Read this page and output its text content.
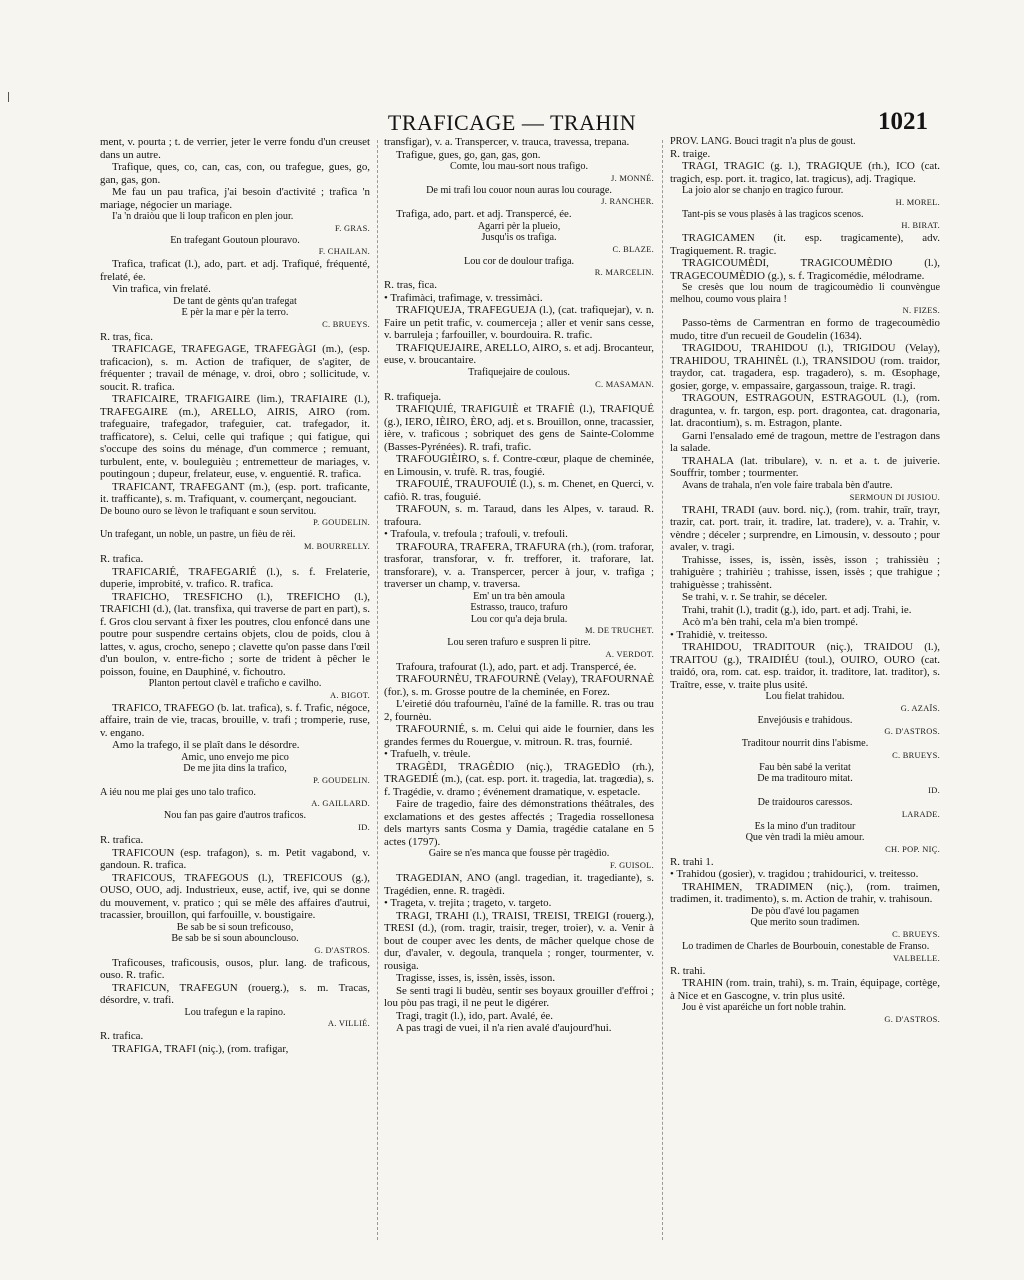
TRAFICAGE — TRAHIN	1021

ment, v. pourta ; t. de verrier, jeter le verre fondu d'un creuset dans un autre.

Trafique, ques, co, can, cas, con, ou trafegue, gues, go, gan, gas, gon.

Me fau un pau trafica, j'ai besoin d'activité ; trafica 'n mariage, négocier un mariage.

I'a 'n draiòu que li loup traficon en plen jour.

F. GRAS.

En trafegant Goutoun plouravo.

F. CHAILAN.

Trafica, traficat (l.), ado, part. et adj. Trafiqué, fréquenté, frelaté, ée.

Vin trafica, vin frelaté.

De tant de gènts qu'an trafegat

E pèr la mar e pèr la terro.

C. BRUEYS.

R. tras, fica.

TRAFICAGE, TRAFEGAGE, TRAFEGÀGI (m.), (esp. traficacion), s. m. Action de trafiquer, de s'agiter, de fréquenter ; travail de ménage, v. droi, obro ; sollicitude, v. soucit. R. trafica.

TRAFICAIRE, TRAFIGAIRE (lim.), TRAFIAIRE (l.), TRAFEGAIRE (m.), ARELLO, AIRIS, AIRO (rom. trafeguaire, trafegador, trafeguier, cat. trafegador, it. trafficatore), s. Celui, celle qui trafique ; qui fatigue, qui s'occupe des soins du ménage, d'un commerce ; remuant, turbulent, ente, v. bouleguièu ; entremetteur de mariages, v. poutingoun ; dupeur, frelateur, euse, v. enguentié. R. trafica.

TRAFICANT, TRAFEGANT (m.), (esp. port. traficante, it. trafficante), s. m. Trafiquant, v. coumerçant, negouciant.

De bouno ouro se lèvon le trafiquant e soun servitou.

P. GOUDELIN.

Un trafegant, un noble, un pastre, un fièu de rèi.

M. BOURRELLY.

R. trafica.

TRAFICARIÉ, TRAFEGARIÉ (l.), s. f. Frelaterie, duperie, improbité, v. trafico. R. trafica.

TRAFICHO, TRESFICHO (l.), TREFICHO (l.), TRAFICHI (d.), (lat. transfixa, qui traverse de part en part), s. f. Gros clou servant à fixer les poutres, clou enfoncé dans une poutre pour suspendre certains objets, clou de poids, clou à lattes, v. agus, crocho, senepo ; clavette qu'on passe dans l'œil d'un boulon, v. entre-ficho ; sorte de trident à pêcher le poisson, fouine, en Dauphiné, v. fichoutro.

Planton pertout clavèl e traficho e cavilho.

A. BIGOT.

TRAFICO, TRAFEGO (b. lat. trafica), s. f. Trafic, négoce, affaire, train de vie, tracas, brouille, v. trafi ; tromperie, ruse, v. engano.

Amo la trafego, il se plaît dans le désordre.

Amic, uno envejo me pico

De me jita dins la trafico,

P. GOUDELIN.

A iéu nou me plai ges uno talo trafico.

A. GAILLARD.

Nou fan pas gaire d'autros traficos.

ID.

R. trafica.

TRAFICOUN (esp. trafagon), s. m. Petit vagabond, v. gandoun. R. trafica.

TRAFICOUS, TRAFEGOUS (l.), TREFICOUS (g.), OUSO, OUO, adj. Industrieux, euse, actif, ive, qui se donne du mouvement, v. pratico ; qui se mêle des affaires d'autrui, tracassier, brouillon, qui farfouille, v. boustigaire.

Be sab be si soun treficouso,

Be sab be si soun abounclouso.

G. D'ASTROS.

Traficouses, traficousis, ousos, plur. lang. de traficous, ouso. R. trafic.

TRAFICUN, TRAFEGUN (rouerg.), s. m. Tracas, désordre, v. trafi.

Lou trafegun e la rapino.

A. VILLIÉ.

R. trafica.

TRAFIGA, TRAFI (niç.), (rom. trafigar,

transfigar), v. a. Transpercer, v. trauca, travessa, trepana.

Trafigue, gues, go, gan, gas, gon.

Comte, lou mau-sort nous trafigo.

J. MONNÉ.

De mi trafi lou couor noun auras lou courage.

J. RANCHER.

Trafiga, ado, part. et adj. Transpercé, ée.

Agarri pèr la plueio,

Jusqu'is os trafiga.

C. BLAZE.

Lou cor de doulour trafiga.

R. MARCELIN.

R. tras, fica.

• Trafimàci, trafimage, v. tressimàci.

TRAFIQUEJA, TRAFEGUEJA (l.), (cat. trafiquejar), v. n. Faire un petit trafic, v. coumerceja ; aller et venir sans cesse, v. barruleja ; farfouiller, v. bourdouira. R. trafic.

TRAFIQUEJAIRE, ARELLO, AIRO, s. et adj. Brocanteur, euse, v. broucantaire.

Trafiquejaire de coulous.

C. MASAMAN.

R. trafiqueja.

TRAFIQUIÉ, TRAFIGUIÈ et TRAFIÈ (l.), TRAFIQUÉ (g.), IERO, IÈIRO, ÈRO, adj. et s. Brouillon, onne, tracassier, ière, v. traficous ; sobriquet des gens de Sainte-Colomme (Basses-Pyrénées). R. trafi, trafic.

TRAFOUGIÈIRO, s. f. Contre-cœur, plaque de cheminée, en Limousin, v. trufè. R. tras, fougié.

TRAFOUIÉ, TRAUFOUIÉ (l.), s. m. Chenet, en Querci, v. cafiò. R. tras, fouguié.

TRAFOUN, s. m. Taraud, dans les Alpes, v. taraud. R. trafoura.

• Trafoula, v. trefoula ; trafouli, v. trefouli.

TRAFOURA, TRAFERA, TRAFURA (rh.), (rom. traforar, trasforar, transforar, v. fr. trefforer, it. traforare, lat. transforare), v. a. Transpercer, percer à jour, v. trafiga ; traverser un champ, v. traversa.

Em' un tra bèn amoula

Estrasso, trauco, trafuro

Lou cor qu'a deja brula.

M. DE TRUCHET.

Lou seren trafuro e suspren li pitre.

A. VERDOT.

Trafoura, trafourat (l.), ado, part. et adj. Transpercé, ée.

TRAFOURNÈU, TRAFOURNÈ (Velay), TRAFOURNAÈ (for.), s. m. Grosse poutre de la cheminée, en Forez.

L'eiretié dóu trafournèu, l'aîné de la famille. R. tras ou trau 2, fournèu.

TRAFOURNIÉ, s. m. Celui qui aide le fournier, dans les grandes fermes du Rouergue, v. mitroun. R. tras, fournié.

• Trafuelh, v. trèule.

TRAGÈDI, TRAGÈDIO (niç.), TRAGEDÌO (rh.), TRAGEDIÉ (m.), (cat. esp. port. it. tragedia, lat. tragœdia), s. f. Tragédie, v. dramo ; événement dramatique, v. espetacle.

Faire de tragedìo, faire des démonstrations théâtrales, des exclamations et des gestes affectés ; Tragedia rossellonesa dels martyrs sants Cosma y Damia, tragédie catalane en 5 actes (1797).

Gaire se n'es manca que fousse pèr tragèdìo.

F. GUISOL.

TRAGEDIAN, ANO (angl. tragedian, it. tragediante), s. Tragédien, enne. R. tragèdì.

• Trageta, v. trejita ; trageto, v. targeto.

TRAGI, TRAHI (l.), TRAISI, TREISI, TREIGI (rouerg.), TRESI (d.), (rom. tragir, traisir, treger, troier), v. a. Venir à bout de couper avec les dents, de mâcher quelque chose de dur, d'avaler, v. degoula, tranquela ; ronger, tourmenter, v. rousiga.

Tragisse, isses, is, issèn, issès, isson.

Se senti tragi li budèu, sentir ses boyaux grouiller d'effroi ; lou pòu pas tragi, il ne peut le digérer.

Tragi, tragit (l.), ido, part. Avalé, ée.

A pas tragi de vuei, il n'a rien avalé d'aujourd'hui.

PROV. LANG. Bouci tragit n'a plus de goust.

R. traige.

TRAGI, TRAGIC (g. l.), TRAGIQUE (rh.), ICO (cat. tragich, esp. port. it. tragico, lat. tragicus), adj. Tragique.

La joio alor se chanjo en tragico furour.

H. MOREL.

Tant-pis se vous plasès à las tragicos scenos.

H. BIRAT.

TRAGICAMEN (it. esp. tragicamente), adv. Tragiquement. R. tragic.

TRAGICOUMÈDI, TRAGICOUMÈDIO (l.), TRAGECOUMÈDIO (g.), s. f. Tragicomédie, mélodrame.

Se cresès que lou noum de tragicoumèdio li counvèngue melhou, coumo vous plaira !

N. FIZES.

Passo-tèms de Carmentran en formo de tragecoumèdio mudo, titre d'un recueil de Goudelin (1634).

TRAGIDOU, TRAHIDOU (l.), TRIGIDOU (Velay), TRAHIDOU, TRAHINÈL (l.), TRANSIDOU (rom. traidor, traydor, cat. tragadera, esp. tragadero), s. m. Œsophage, gosier, gorge, v. empassaire, gargassoun, traige. R. tragi.

TRAGOUN, ESTRAGOUN, ESTRAGOUL (l.), (rom. draguntea, v. fr. targon, esp. port. dragontea, cat. dragonaria, lat. dracontium), s. m. Estragon, plante.

Garni l'ensalado emé de tragoun, mettre de l'estragon dans la salade.

TRAHALA (lat. tribulare), v. n. et a. t. de juiverie. Souffrir, tomber ; tourmenter.

Avans de trahala, n'en vole faire trabala bèn d'autre.

SERMOUN DI JUSIOU.

TRAHI, TRADI (auv. bord. niç.), (rom. trahir, traïr, trayr, trazir, cat. port. trair, it. tradire, lat. tradere), v. a. Trahir, v. vèndre ; déceler ; surprendre, en Limousin, v. dessouto ; pour avaler, v. tragi.

Trahisse, isses, is, issèn, issès, isson ; trahissièu ; trahiguère ; trahirièu ; trahisse, issen, issès ; que trahigue ; trahiguèsse ; trahissènt.

Se trahi, v. r. Se trahir, se déceler.

Trahi, trahit (l.), tradit (g.), ido, part. et adj. Trahi, ie.

Acò m'a bèn trahi, cela m'a bien trompé.

• Trahidiè, v. treitesso.

TRAHIDOU, TRADITOUR (niç.), TRAIDOU (l.), TRAITOU (g.), TRAIDIÉU (toul.), OUIRO, OURO (cat. traidó, ora, rom. cat. esp. traidor, it. traditore, lat. traditor), s. Traître, esse, v. traite plus usité.

Lou fielat trahidou.

G. AZAÏS.

Envejóusis e trahidous.

G. D'ASTROS.

Traditour nourrit dins l'abisme.

C. BRUEYS.

Fau bèn sabé la veritat

De ma traditouro mitat.

ID.

De traidouros caressos.

LARADE.

Es la mino d'un traditour

Que vèn tradi la mièu amour.

CH. POP. NIÇ.

R. trahi 1.

• Trahidou (gosier), v. tragidou ; trahidourici, v. treitesso.

TRAHIMEN, TRADIMEN (niç.), (rom. traimen, tradimen, it. tradimento), s. m. Action de trahir, v. trahisoun.

De pòu d'avé lou pagamen

Que merito soun tradimen.

C. BRUEYS.

Lo tradimen de Charles de Bourbouin, conestable de Franso.

VALBELLE.

R. trahi.

TRAHIN (rom. train, trahi), s. m. Train, équipage, cortège, à Nice et en Gascogne, v. trin plus usité.

Jou è vist aparéiche un fort noble trahin.

G. D'ASTROS.
